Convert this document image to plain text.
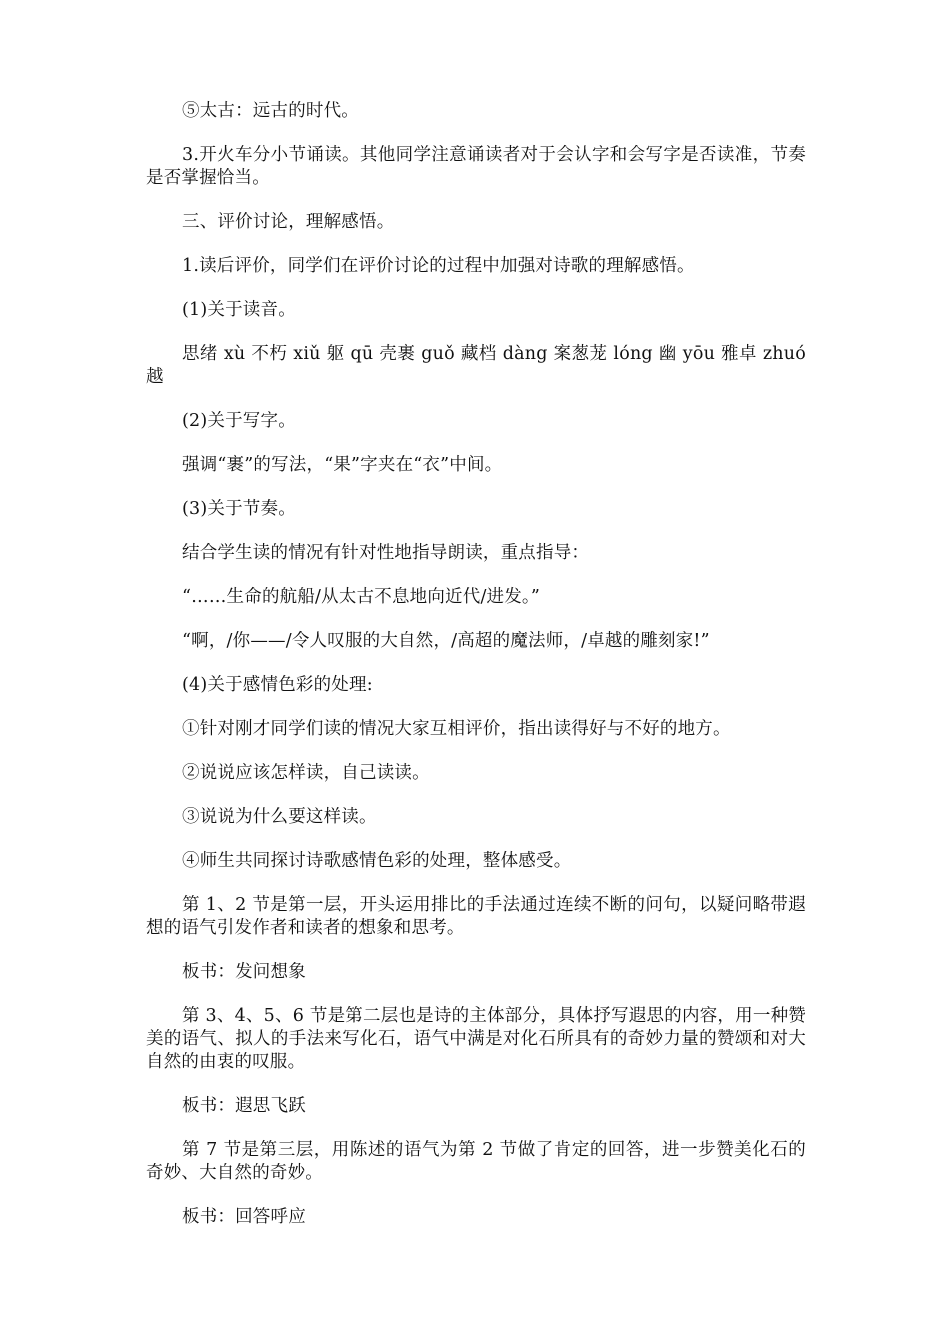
⑤太古：远古的时代。

3.开火车分小节诵读。其他同学注意诵读者对于会认字和会写字是否读准，节奏是否掌握恰当。

三、评价讨论，理解感悟。

1.读后评价，同学们在评价讨论的过程中加强对诗歌的理解感悟。

(1)关于读音。

思绪 xù 不朽 xiǔ 躯 qū 壳裹 guǒ 藏档 dàng 案葱茏 lóng 幽 yōu 雅卓 zhuó 越

(2)关于写字。

强调“裹”的写法，“果”字夹在“衣”中间。

(3)关于节奏。

结合学生读的情况有针对性地指导朗读，重点指导：

“……生命的航船/从太古不息地向近代/进发。”

“啊，/你——/令人叹服的大自然，/高超的魔法师，/卓越的雕刻家!”

(4)关于感情色彩的处理:

①针对刚才同学们读的情况大家互相评价，指出读得好与不好的地方。

②说说应该怎样读，自己读读。

③说说为什么要这样读。

④师生共同探讨诗歌感情色彩的处理，整体感受。

第 1、2 节是第一层，开头运用排比的手法通过连续不断的问句，以疑问略带遐想的语气引发作者和读者的想象和思考。

板书：发问想象

第 3、4、5、6 节是第二层也是诗的主体部分，具体抒写遐思的内容，用一种赞美的语气、拟人的手法来写化石，语气中满是对化石所具有的奇妙力量的赞颂和对大自然的由衷的叹服。

板书：遐思飞跃

第 7 节是第三层，用陈述的语气为第 2 节做了肯定的回答，进一步赞美化石的奇妙、大自然的奇妙。

板书：回答呼应
